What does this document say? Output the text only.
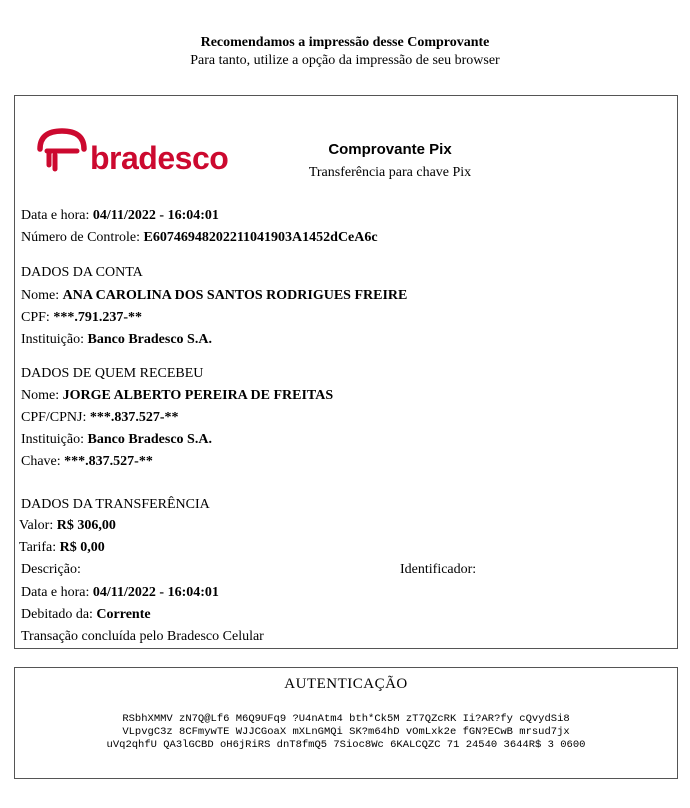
Recomendamos a impressão desse Comprovante
Para tanto, utilize a opção da impressão de seu browser
bradesco	Comprovante Pix
Transferência para chave Pix
Data e hora: 04/11/2022 - 16:04:01
Número de Controle: E60746948202211041903A1452dCeA6c
DADOS DA CONTA
Nome: ANA CAROLINA DOS SANTOS RODRIGUES FREIRE
CPF: ***.791.237-**
Instituição: Banco Bradesco S.A.
DADOS DE QUEM RECEBEU
Nome: JORGE ALBERTO PEREIRA DE FREITAS
CPF/CPNJ: ***.837.527-**
Instituição: Banco Bradesco S.A.
Chave: ***.837.527-**
DADOS DA TRANSFERÊNCIA
Valor: R$ 306,00
Tarifa: R$ 0,00
Descrição:	Identificador:
Data e hora: 04/11/2022 - 16:04:01
Debitado da: Corrente
Transação concluída pelo Bradesco Celular
AUTENTICAÇÃO
RSbhXMMV zN7Q@Lf6 M6Q9UFq9 ?U4nAtm4 bth*Ck5M zT7QZcRK Ii?AR?fy cQvydSi8
VLpvgC3z 8CFmywTE WJJCGoaX mXLnGMQi SK?m64hD vOmLxk2e fGN?ECwB mrsud7jx
uVq2qhfU QA3lGCBD oH6jRiRS dnT8fmQ5 7Sioc8Wc 6KALCQZC 71 24540 3644R$ 3 0600
